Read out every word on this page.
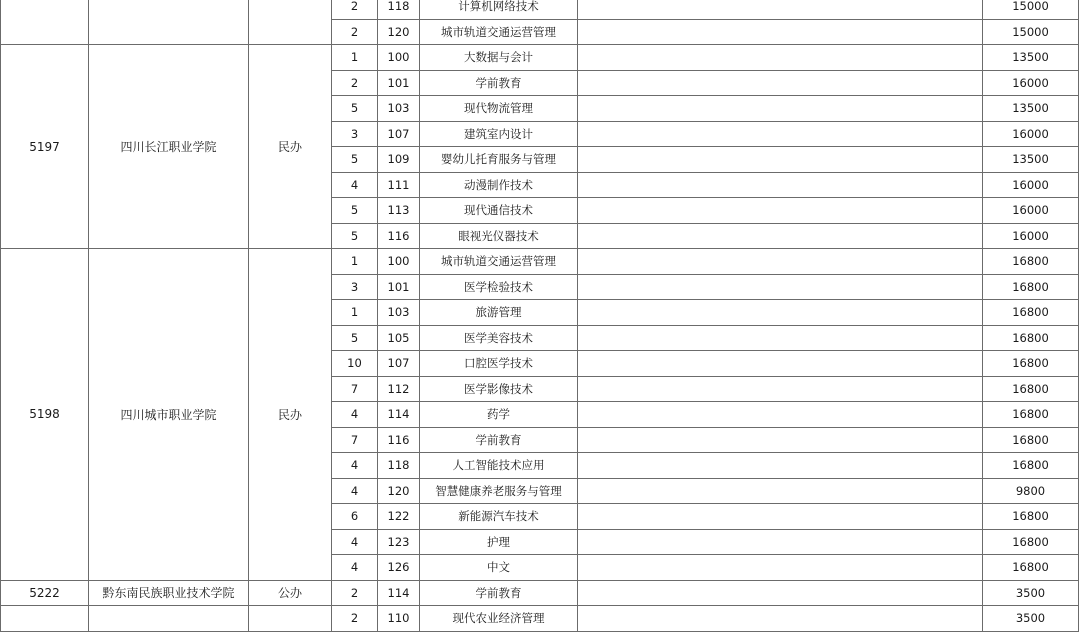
			2	118	计算机网络技术		15000
			2	120	城市轨道交通运营管理		15000
5197	四川长江职业学院	民办	1	100	大数据与会计		13500
			2	101	学前教育		16000
			5	103	现代物流管理		13500
			3	107	建筑室内设计		16000
			5	109	婴幼儿托育服务与管理		13500
			4	111	动漫制作技术		16000
			5	113	现代通信技术		16000
			5	116	眼视光仪器技术		16000
5198	四川城市职业学院	民办	1	100	城市轨道交通运营管理		16800
			3	101	医学检验技术		16800
			1	103	旅游管理		16800
			5	105	医学美容技术		16800
			10	107	口腔医学技术		16800
			7	112	医学影像技术		16800
			4	114	药学		16800
			7	116	学前教育		16800
			4	118	人工智能技术应用		16800
			4	120	智慧健康养老服务与管理		9800
			6	122	新能源汽车技术		16800
			4	123	护理		16800
			4	126	中文		16800
5222	黔东南民族职业技术学院	公办	2	114	学前教育		3500
			2	110	现代农业经济管理		3500
